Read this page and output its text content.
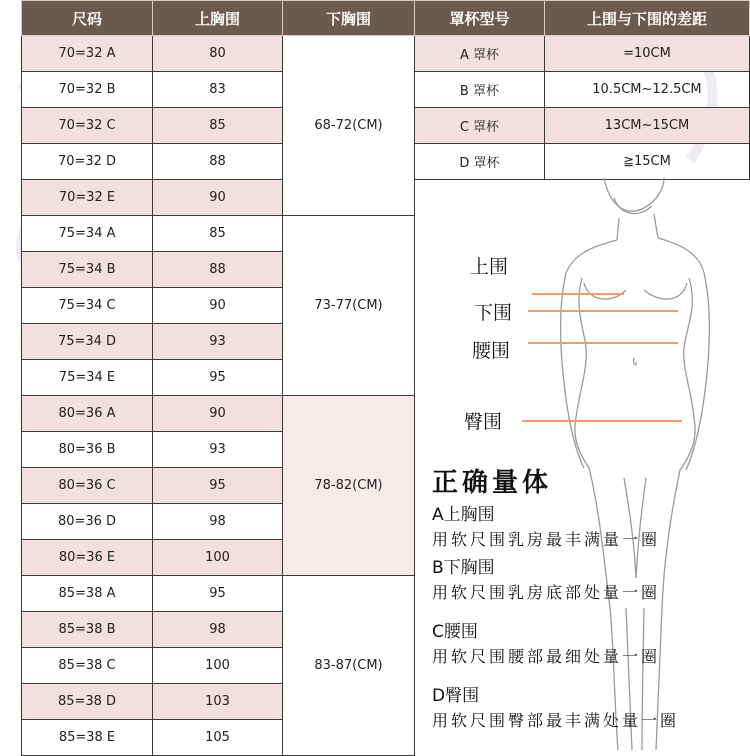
尺码	上胸围	下胸围
70=32 A	80	68-72(CM)
70=32 B	83	
70=32 C	85	
70=32 D	88	
70=32 E	90	
75=34 A	85	73-77(CM)
75=34 B	88	
75=34 C	90	
75=34 D	93	
75=34 E	95	
80=36 A	90	78-82(CM)
80=36 B	93	
80=36 C	95	
80=36 D	98	
80=36 E	100	
85=38 A	95	83-87(CM)
85=38 B	98	
85=38 C	100	
85=38 D	103	
85=38 E	105	
罩杯型号	上围与下围的差距
A 罩杯	=10CM
B 罩杯	10.5CM~12.5CM
C 罩杯	13CM~15CM
D 罩杯	≧15CM
上围
下围
腰围
臀围
正确量体
A上胸围
用软尺围乳房最丰满量一圈
B下胸围
用软尺围乳房底部处量一圈
C腰围
用软尺围腰部最细处量一圈
D臀围
用软尺围臀部最丰满处量一圈
